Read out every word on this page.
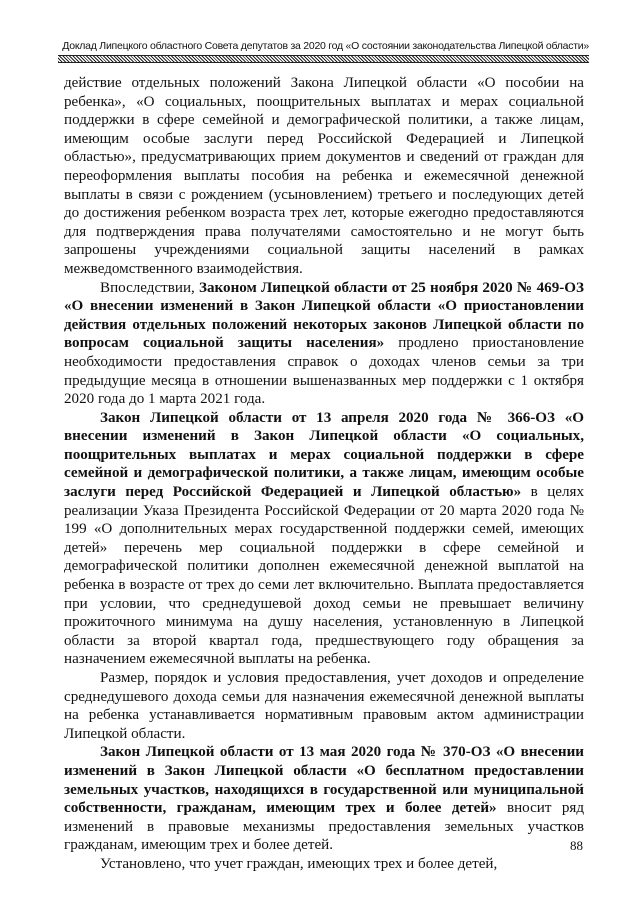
Доклад Липецкого областного Совета депутатов за 2020 год «О состоянии законодательства Липецкой области»

действие отдельных положений Закона Липецкой области «О пособии на ребенка», «О социальных, поощрительных выплатах и мерах социальной поддержки в сфере семейной и демографической политики, а также лицам, имеющим особые заслуги перед Российской Федерацией и Липецкой областью», предусматривающих прием документов и сведений от граждан для переоформления выплаты пособия на ребенка и ежемесячной денежной выплаты в связи с рождением (усыновлением) третьего и последующих детей до достижения ребенком возраста трех лет, которые ежегодно предоставляются для подтверждения права получателями самостоятельно и не могут быть запрошены учреждениями социальной защиты населений в рамках межведомственного взаимодействия.

Впоследствии, Законом Липецкой области от 25 ноября 2020 № 469-ОЗ «О внесении изменений в Закон Липецкой области «О приостановлении действия отдельных положений некоторых законов Липецкой области по вопросам социальной защиты населения» продлено приостановление необходимости предоставления справок о доходах членов семьи за три предыдущие месяца в отношении вышеназванных мер поддержки с 1 октября 2020 года до 1 марта 2021 года.

Закон Липецкой области от 13 апреля 2020 года № 366-ОЗ «О внесении изменений в Закон Липецкой области «О социальных, поощрительных выплатах и мерах социальной поддержки в сфере семейной и демографической политики, а также лицам, имеющим особые заслуги перед Российской Федерацией и Липецкой областью» в целях реализации Указа Президента Российской Федерации от 20 марта 2020 года № 199 «О дополнительных мерах государственной поддержки семей, имеющих детей» перечень мер социальной поддержки в сфере семейной и демографической политики дополнен ежемесячной денежной выплатой на ребенка в возрасте от трех до семи лет включительно. Выплата предоставляется при условии, что среднедушевой доход семьи не превышает величину прожиточного минимума на душу населения, установленную в Липецкой области за второй квартал года, предшествующего году обращения за назначением ежемесячной выплаты на ребенка.

Размер, порядок и условия предоставления, учет доходов и определение среднедушевого дохода семьи для назначения ежемесячной денежной выплаты на ребенка устанавливается нормативным правовым актом администрации Липецкой области.

Закон Липецкой области от 13 мая 2020 года № 370-ОЗ «О внесении изменений в Закон Липецкой области «О бесплатном предоставлении земельных участков, находящихся в государственной или муниципальной собственности, гражданам, имеющим трех и более детей» вносит ряд изменений в правовые механизмы предоставления земельных участков гражданам, имеющим трех и более детей.

Установлено, что учет граждан, имеющих трех и более детей,

88
